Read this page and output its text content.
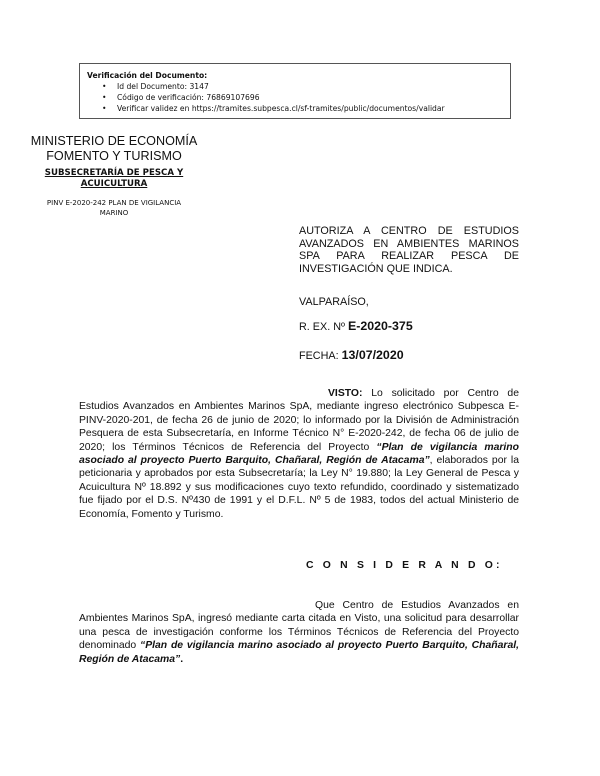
Verificación del Documento:
• Id del Documento: 3147
• Código de verificación: 76869107696
• Verificar validez en https://tramites.subpesca.cl/sf-tramites/public/documentos/validar
MINISTERIO DE ECONOMÍA
FOMENTO Y TURISMO
SUBSECRETARÍA DE PESCA Y
ACUICULTURA
PINV E-2020-242 PLAN DE VIGILANCIA
MARINO
AUTORIZA A CENTRO DE ESTUDIOS AVANZADOS EN AMBIENTES MARINOS SPA PARA REALIZAR PESCA DE INVESTIGACIÓN QUE INDICA.
VALPARAÍSO,
R. EX. Nº E-2020-375
FECHA: 13/07/2020

VISTO: Lo solicitado por Centro de Estudios Avanzados en Ambientes Marinos SpA, mediante ingreso electrónico Subpesca E-PINV-2020-201, de fecha 26 de junio de 2020; lo informado por la División de Administración Pesquera de esta Subsecretaría, en Informe Técnico N° E-2020-242, de fecha 06 de julio de 2020; los Términos Técnicos de Referencia del Proyecto “Plan de vigilancia marino asociado al proyecto Puerto Barquito, Chañaral, Región de Atacama”, elaborados por la peticionaria y aprobados por esta Subsecretaría; la Ley N° 19.880; la Ley General de Pesca y Acuicultura Nº 18.892 y sus modificaciones cuyo texto refundido, coordinado y sistematizado fue fijado por el D.S. Nº430 de 1991 y el D.F.L. Nº 5 de 1983, todos del actual Ministerio de Economía, Fomento y Turismo.

C O N S I D E R A N D O:

Que Centro de Estudios Avanzados en Ambientes Marinos SpA, ingresó mediante carta citada en Visto, una solicitud para desarrollar una pesca de investigación conforme los Términos Técnicos de Referencia del Proyecto denominado “Plan de vigilancia marino asociado al proyecto Puerto Barquito, Chañaral, Región de Atacama”.
